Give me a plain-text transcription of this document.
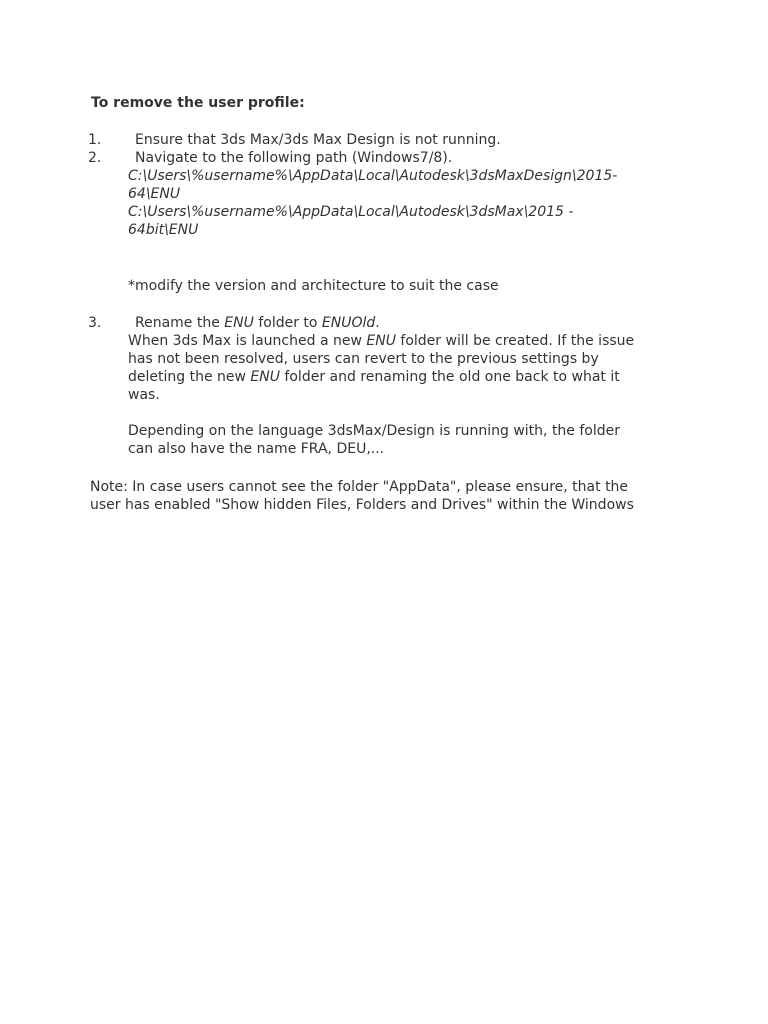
To remove the user profile:
1. Ensure that 3ds Max/3ds Max Design is not running.
2. Navigate to the following path (Windows7/8).
C:\Users\%username%\AppData\Local\Autodesk\3dsMaxDesign\2015-
64\ENU
C:\Users\%username%\AppData\Local\Autodesk\3dsMax\2015 -
64bit\ENU
*modify the version and architecture to suit the case
3. Rename the ENU folder to ENUOld.
When 3ds Max is launched a new ENU folder will be created. If the issue
has not been resolved, users can revert to the previous settings by
deleting the new ENU folder and renaming the old one back to what it
was.
Depending on the language 3dsMax/Design is running with, the folder
can also have the name FRA, DEU,...
Note: In case users cannot see the folder "AppData", please ensure, that the
user has enabled "Show hidden Files, Folders and Drives" within the Windows
